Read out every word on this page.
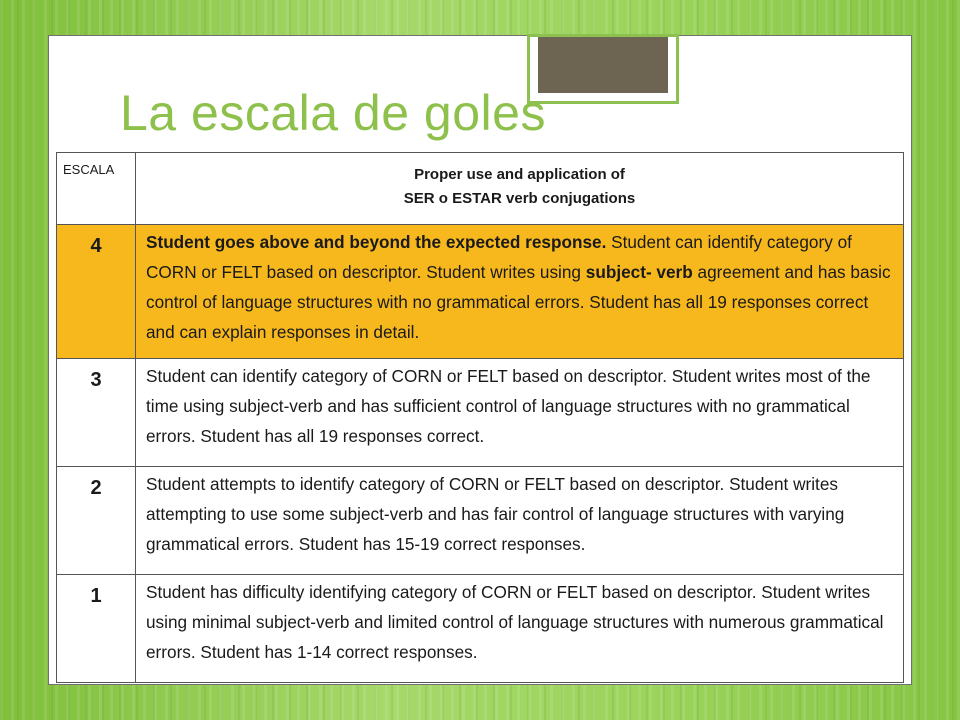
La escala de goles
ESCALA	Proper use and application of
SER o ESTAR verb conjugations

4	Student goes above and beyond the expected response. Student can identify category of CORN or FELT based on descriptor. Student writes using subject- verb agreement and has basic control of language structures with no grammatical errors. Student has all 19 responses correct and can explain responses in detail.
3	Student can identify category of CORN or FELT based on descriptor. Student writes most of the time using subject-verb and has sufficient control of language structures with no grammatical errors. Student has all 19 responses correct.
2	Student attempts to identify category of CORN or FELT based on descriptor. Student writes attempting to use some subject-verb and has fair control of language structures with varying grammatical errors. Student has 15-19 correct responses.
1	Student has difficulty identifying category of CORN or FELT based on descriptor. Student writes using minimal subject-verb and limited control of language structures with numerous grammatical errors. Student has 1-14 correct responses.
